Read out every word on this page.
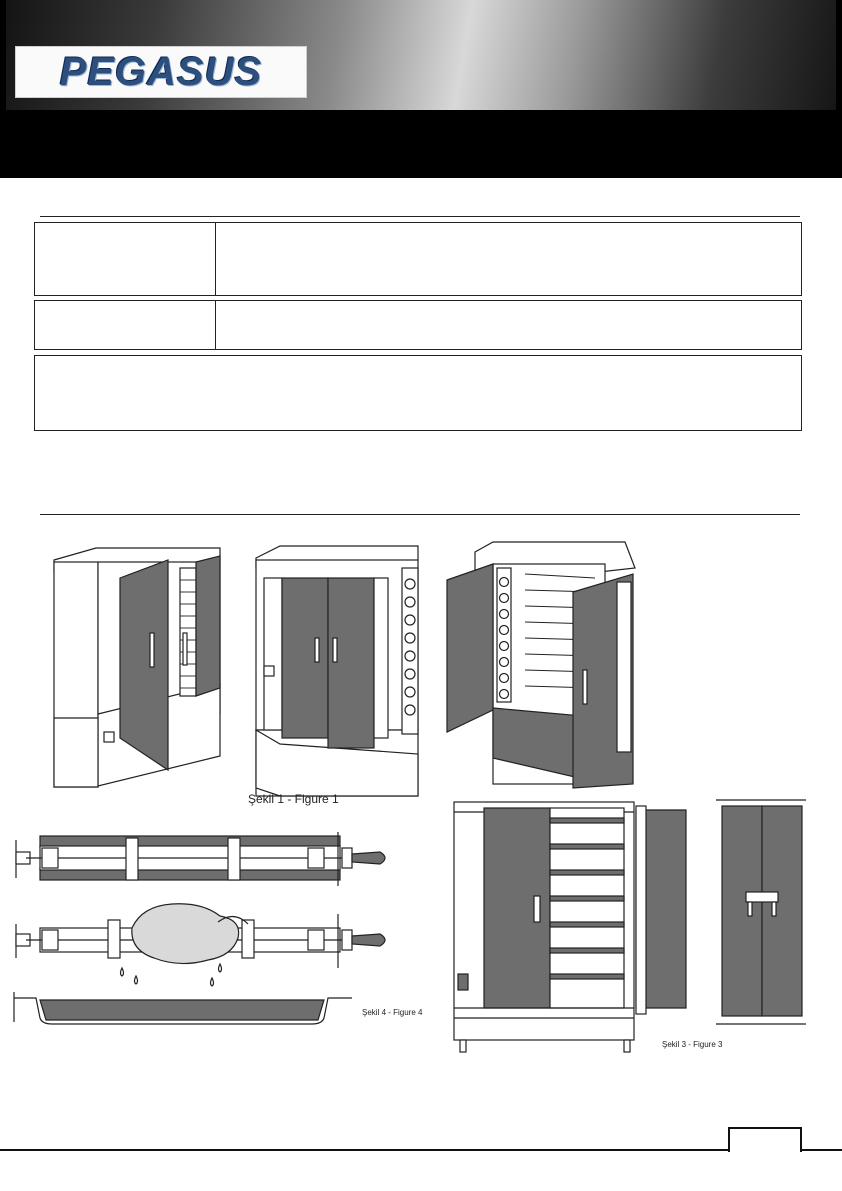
PEGASUS
Şekil 1 - Figure 1
Şekil 4 - Figure 4
Şekil 3 - Figure 3
